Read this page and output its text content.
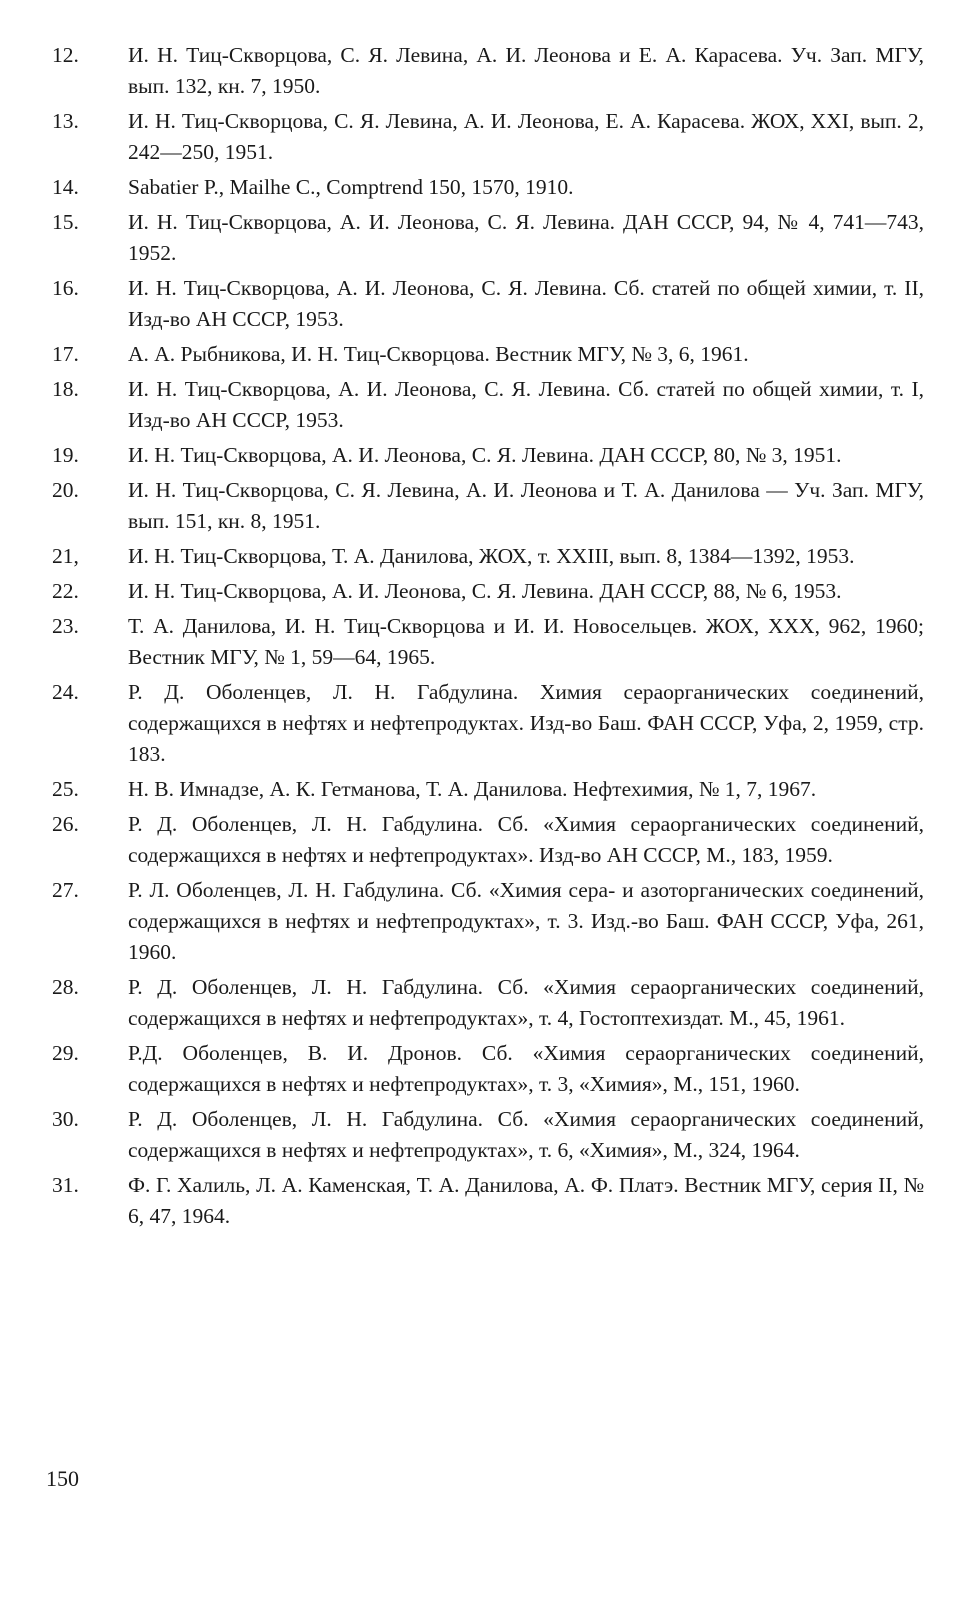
12.	И. Н. Тиц-Скворцова, С. Я. Левина, А. И. Леонова и Е. А. Карасева. Уч. Зап. МГУ, вып. 132, кн. 7, 1950.
13.	И. Н. Тиц-Скворцова, С. Я. Левина, А. И. Леонова, Е. А. Карасева. ЖОХ, XXI, вып. 2, 242—250, 1951.
14.	Sabatier P., Mailhe C., Comptrend 150, 1570, 1910.
15.	И. Н. Тиц-Скворцова, А. И. Леонова, С. Я. Левина. ДАН СССР, 94, № 4, 741—743, 1952.
16.	И. Н. Тиц-Скворцова, А. И. Леонова, С. Я. Левина. Сб. статей по общей химии, т. II, Изд-во АН СССР, 1953.
17.	А. А. Рыбникова, И. Н. Тиц-Скворцова. Вестник МГУ, № 3, 6, 1961.
18.	И. Н. Тиц-Скворцова, А. И. Леонова, С. Я. Левина. Сб. статей по общей химии, т. I, Изд-во АН СССР, 1953.
19.	И. Н. Тиц-Скворцова, А. И. Леонова, С. Я. Левина. ДАН СССР, 80, № 3, 1951.
20.	И. Н. Тиц-Скворцова, С. Я. Левина, А. И. Леонова и Т. А. Данилова — Уч. Зап. МГУ, вып. 151, кн. 8, 1951.
21,	И. Н. Тиц-Скворцова, Т. А. Данилова, ЖОХ, т. XXIII, вып. 8, 1384—1392, 1953.
22.	И. Н. Тиц-Скворцова, А. И. Леонова, С. Я. Левина. ДАН СССР, 88, № 6, 1953.
23.	Т. А. Данилова, И. Н. Тиц-Скворцова и И. И. Новосельцев. ЖОХ, XXX, 962, 1960; Вестник МГУ, № 1, 59—64, 1965.
24.	Р. Д. Оболенцев, Л. Н. Габдулина. Химия сераорганических соединений, содержащихся в нефтях и нефтепродуктах. Изд-во Баш. ФАН СССР, Уфа, 2, 1959, стр. 183.
25.	Н. В. Имнадзе, А. К. Гетманова, Т. А. Данилова. Нефтехимия, № 1, 7, 1967.
26.	Р. Д. Оболенцев, Л. Н. Габдулина. Сб. «Химия сераорганических соединений, содержащихся в нефтях и нефтепродуктах». Изд-во АН СССР, М., 183, 1959.
27.	Р. Л. Оболенцев, Л. Н. Габдулина. Сб. «Химия сера- и азоторганических соединений, содержащихся в нефтях и нефтепродуктах», т. 3. Изд.-во Баш. ФАН СССР, Уфа, 261, 1960.
28.	Р. Д. Оболенцев, Л. Н. Габдулина. Сб. «Химия сераорганических соединений, содержащихся в нефтях и нефтепродуктах», т. 4, Гостоптехиздат. М., 45, 1961.
29.	Р.Д. Оболенцев, В. И. Дронов. Сб. «Химия сераорганических соединений, содержащихся в нефтях и нефтепродуктах», т. 3, «Химия», М., 151, 1960.
30.	Р. Д. Оболенцев, Л. Н. Габдулина. Сб. «Химия сераорганических соединений, содержащихся в нефтях и нефтепродуктах», т. 6, «Химия», М., 324, 1964.
31.	Ф. Г. Халиль, Л. А. Каменская, Т. А. Данилова, А. Ф. Платэ. Вестник МГУ, серия II, № 6, 47, 1964.
150
